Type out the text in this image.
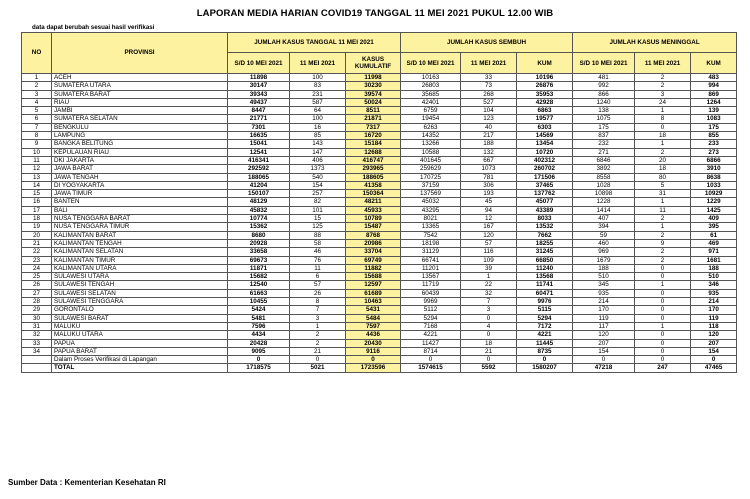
LAPORAN MEDIA HARIAN COVID19 TANGGAL 11 MEI 2021 PUKUL 12.00 WIB
data dapat berubah sesuai hasil verifikasi
NO	PROVINSI	JUMLAH KASUS TANGGAL 11 MEI 2021			JUMLAH KASUS SEMBUH			JUMLAH KASUS MENINGGAL		
		S/D 10 MEI 2021	11 MEI 2021	KASUS KUMULATIF	S/D 10 MEI 2021	11 MEI 2021	KUM	S/D 10 MEI 2021	11 MEI 2021	KUM
1	ACEH	11898	100	11998	10163	33	10196	481	2	483
2	SUMATERA UTARA	30147	83	30230	26803	73	26876	992	2	994
3	SUMATERA BARAT	39343	231	39574	35685	268	35953	866	3	869
4	RIAU	49437	587	50024	42401	527	42928	1240	24	1264
5	JAMBI	8447	64	8511	6759	104	6863	138	1	139
6	SUMATERA SELATAN	21771	100	21871	19454	123	19577	1075	8	1083
7	BENGKULU	7301	16	7317	6263	40	6303	175	0	175
8	LAMPUNG	16635	85	16720	14352	217	14569	837	18	855
9	BANGKA BELITUNG	15041	143	15184	13266	188	13454	232	1	233
10	KEPULAUAN RIAU	12541	147	12688	10588	132	10720	271	2	273
11	DKI JAKARTA	416341	406	416747	401645	667	402312	6846	20	6866
12	JAWA BARAT	292592	1373	293965	259629	1073	260702	3892	18	3910
13	JAWA TENGAH	188065	540	188605	170725	781	171506	8558	80	8638
14	DI YOGYAKARTA	41204	154	41358	37159	306	37465	1028	5	1033
15	JAWA TIMUR	150107	257	150364	137569	193	137762	10898	31	10929
16	BANTEN	48129	82	48211	45032	45	45077	1228	1	1229
17	BALI	45832	101	45933	43295	94	43389	1414	11	1425
18	NUSA TENGGARA BARAT	10774	15	10789	8021	12	8033	407	2	409
19	NUSA TENGGARA TIMUR	15362	125	15487	13365	167	13532	394	1	395
20	KALIMANTAN BARAT	8680	88	8768	7542	120	7662	59	2	61
21	KALIMANTAN TENGAH	20928	58	20986	18198	57	18255	460	9	469
22	KALIMANTAN SELATAN	33658	46	33704	31129	116	31245	969	2	971
23	KALIMANTAN TIMUR	69673	76	69749	66741	109	66850	1679	2	1681
24	KALIMANTAN UTARA	11871	11	11882	11201	39	11240	188	0	188
25	SULAWESI UTARA	15682	6	15688	13567	1	13568	510	0	510
26	SULAWESI TENGAH	12540	57	12597	11719	22	11741	345	1	346
27	SULAWESI SELATAN	61663	26	61689	60439	32	60471	935	0	935
28	SULAWESI TENGGARA	10455	8	10463	9969	7	9976	214	0	214
29	GORONTALO	5424	7	5431	5112	3	5115	170	0	170
30	SULAWESI BARAT	5481	3	5484	5294	0	5294	119	0	119
31	MALUKU	7596	1	7597	7168	4	7172	117	1	118
32	MALUKU UTARA	4434	2	4436	4221	0	4221	120	0	120
33	PAPUA	20428	2	20430	11427	18	11445	207	0	207
34	PAPUA BARAT	9095	21	9116	8714	21	8735	154	0	154
	Dalam Proses Verifikasi di Lapangan	0	0	0	0	0	0	0	0	0
	TOTAL	1718575	5021	1723596	1574615	5592	1580207	47218	247	47465
Sumber Data : Kementerian Kesehatan RI
